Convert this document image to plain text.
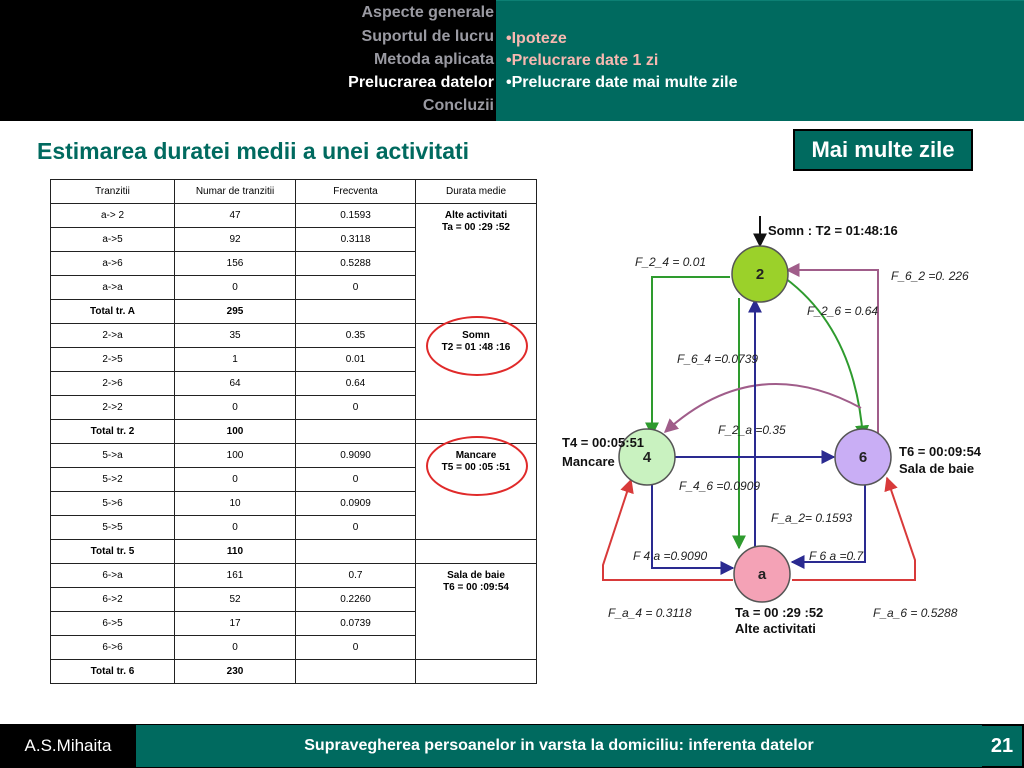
Aspecte generale
Suportul de lucru
Metoda aplicata
Prelucrarea datelor
Concluzii
•Ipoteze
•Prelucrare date 1 zi
•Prelucrare date mai multe zile
Estimarea duratei medii a unei activitati	Mai multe zile
Tranzitii	Numar de tranzitii	Frecventa	Durata medie
a-> 2	47	0.1593	Alte activitati
Ta = 00 :29 :52
a->5	92	0.3118	
a->6	156	0.5288	
a->a	0	0	
Total tr. A	295		
2->a	35	0.35	Somn
T2 = 01 :48 :16
2->5	1	0.01	
2->6	64	0.64	
2->2	0	0	
Total tr. 2	100		
5->a	100	0.9090	Mancare
T5 = 00 :05 :51
5->2	0	0	
5->6	10	0.0909	
5->5	0	0	
Total tr. 5	110		
6->a	161	0.7	Sala de baie
T6 = 00 :09:54
6->2	52	0.2260	
6->5	17	0.0739	
6->6	0	0	
Total tr. 6	230		
2
4	6
a
Somn : T2 = 01:48:16
T4 = 00:05:51
Mancare
T6 = 00:09:54
Sala de baie
Ta = 00 :29 :52
Alte activitati
F_2_4 = 0.01
F_6_2 =0. 226
F_2_6 = 0.64
F_6_4 =0.0739
F_2_a =0.35
F_4_6 =0.0909
F_a_2= 0.1593
F 4 a =0.9090	F 6 a =0.7
F_a_4 = 0.3118	F_a_6 = 0.5288
A.S.Mihaita	Supravegherea persoanelor in varsta la domiciliu: inferenta datelor	21
